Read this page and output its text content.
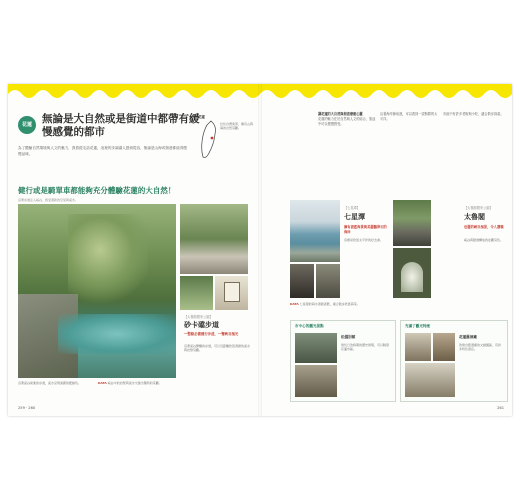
花蓮 無論是大自然或是街道中都帶有緩慢感覺的都市
為了體驗自然環境與人文的魅力，我曾經走訪花蓮，這裡的步調讓人感到從容，無論是山海或街巷都值得慢慢品味。
花蓮
位於台灣東部，擁有山與海的自然景觀。
健行或是騎單車都能夠充分體驗花蓮的大自然！
沿著步道走入峽谷，感受清新的空氣與溪水。
【太魯閣國家公園】
砂卡礑步道
一整條必備健行步道，一覽峽谷風光
沿著溪谷開鑿的步道，可以近距離欣賞清澈的溪水與岩壁景觀。
沿著溪谷前進的步道，溪水呈現美麗的藍綠色。	DATA 峽谷中的岩壁與溪水交織出獨特的景觀。
259 · 260
讓花蓮的大自然與街道療癒心靈
花蓮的魅力在於自然與人文的結合，旅途中可以慢慢感受。
沿著海岸線前進，可以看到一望無際的太平洋。
市區中有許多老街與小吃，適合散步探索。
【七星潭】
七星潭
擁有湛藍海景與美麗鵝卵石的海岸
這裡是欣賞太平洋的好去處。
【太魯閣國家公園】
太魯閣
壯麗的峽谷風景，令人讚嘆
峽谷與隧道構成的壯觀景色。
DATA 七星潭的海水清澈湛藍，適合散步欣賞海景。
市中心的觀光景點
松園別館
建於日治時期的歷史建築，可以眺望花蓮市區。
充滿了觀光特產
花蓮舊酒廠
改建自舊酒廠的文創園區，有許多特色商店。
261
